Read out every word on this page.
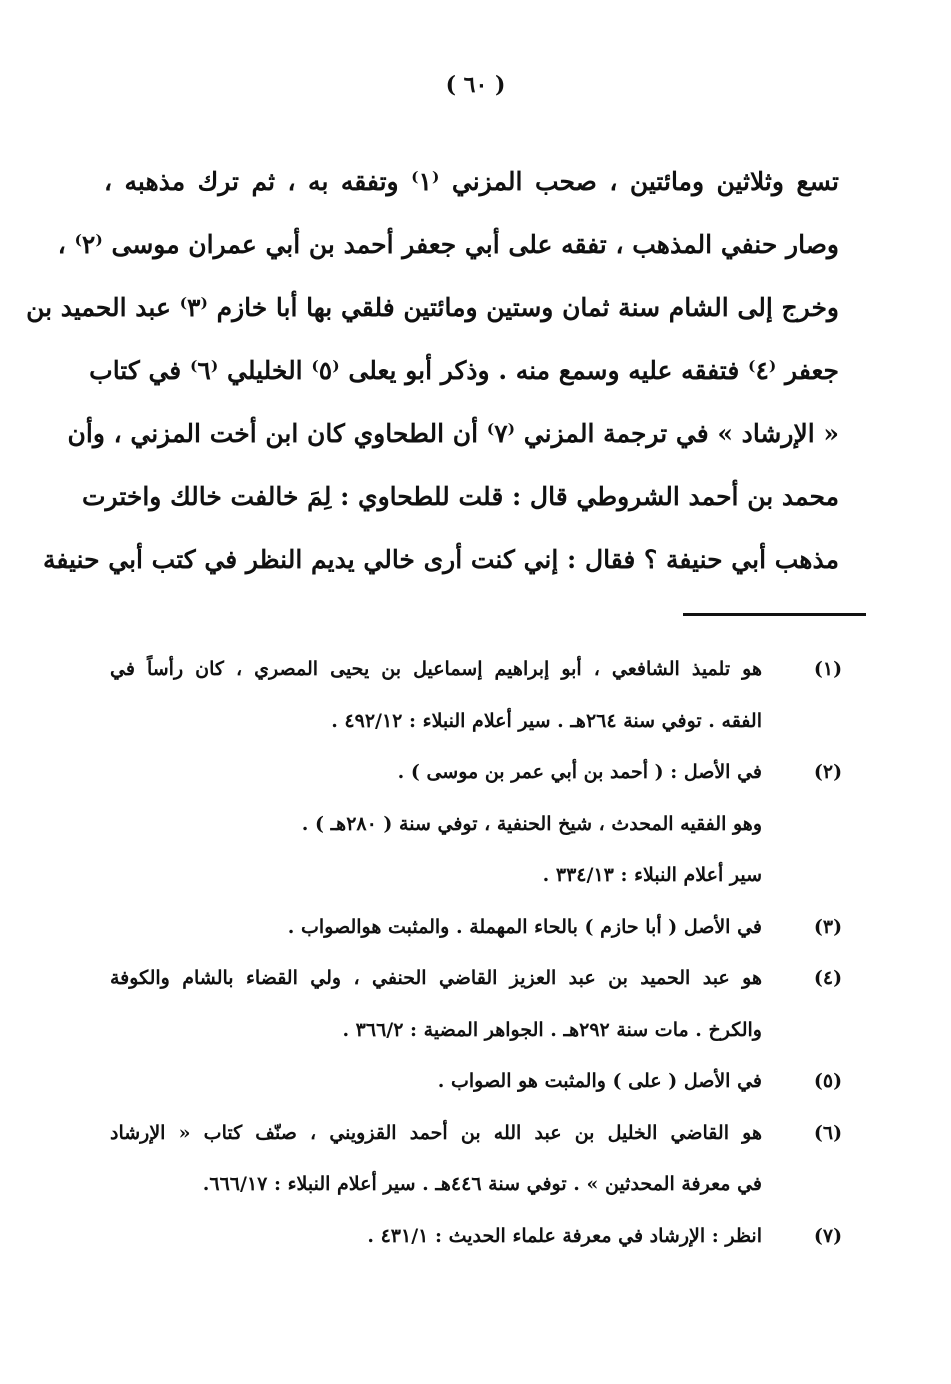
( ٦٠ )
تسع وثلاثين ومائتين ، صحب المزني ⁽١⁾ وتفقه به ، ثم ترك مذهبه ،
وصار حنفي المذهب ، تفقه على أبي جعفر أحمد بن أبي عمران موسى ⁽٢⁾ ،
وخرج إلى الشام سنة ثمان وستين ومائتين فلقي بها أبا خازم ⁽٣⁾ عبد الحميد بن
جعفر ⁽٤⁾ فتفقه عليه وسمع منه . وذكر أبو يعلى ⁽٥⁾ الخليلي ⁽٦⁾ في كتاب
« الإرشاد » في ترجمة المزني ⁽٧⁾ أن الطحاوي كان ابن أخت المزني ، وأن
محمد بن أحمد الشروطي قال : قلت للطحاوي : لِمَ خالفت خالك واخترت
مذهب أبي حنيفة ؟ فقال : إني كنت أرى خالي يديم النظر في كتب أبي حنيفة
(١)
هو تلميذ الشافعي ، أبو إبراهيم إسماعيل بن يحيى المصري ، كان رأساً في
الفقه . توفي سنة ٢٦٤هـ . سير أعلام النبلاء : ٤٩٢/١٢ .
(٢)
في الأصل : ( أحمد بن أبي عمر بن موسى ) .
وهو الفقيه المحدث ، شيخ الحنفية ، توفي سنة ( ٢٨٠هـ ) .
سير أعلام النبلاء : ٣٣٤/١٣ .
(٣)
في الأصل ( أبا حازم ) بالحاء المهملة . والمثبت هوالصواب .
(٤)
هو عبد الحميد بن عبد العزيز القاضي الحنفي ، ولي القضاء بالشام والكوفة
والكرخ . مات سنة ٢٩٢هـ . الجواهر المضية : ٣٦٦/٢ .
(٥)
في الأصل ( على ) والمثبت هو الصواب .
(٦)
هو القاضي الخليل بن عبد الله بن أحمد القزويني ، صنّف كتاب « الإرشاد
في معرفة المحدثين » . توفي سنة ٤٤٦هـ . سير أعلام النبلاء : ٦٦٦/١٧.
(٧)
انظر : الإرشاد في معرفة علماء الحديث : ٤٣١/١ .
